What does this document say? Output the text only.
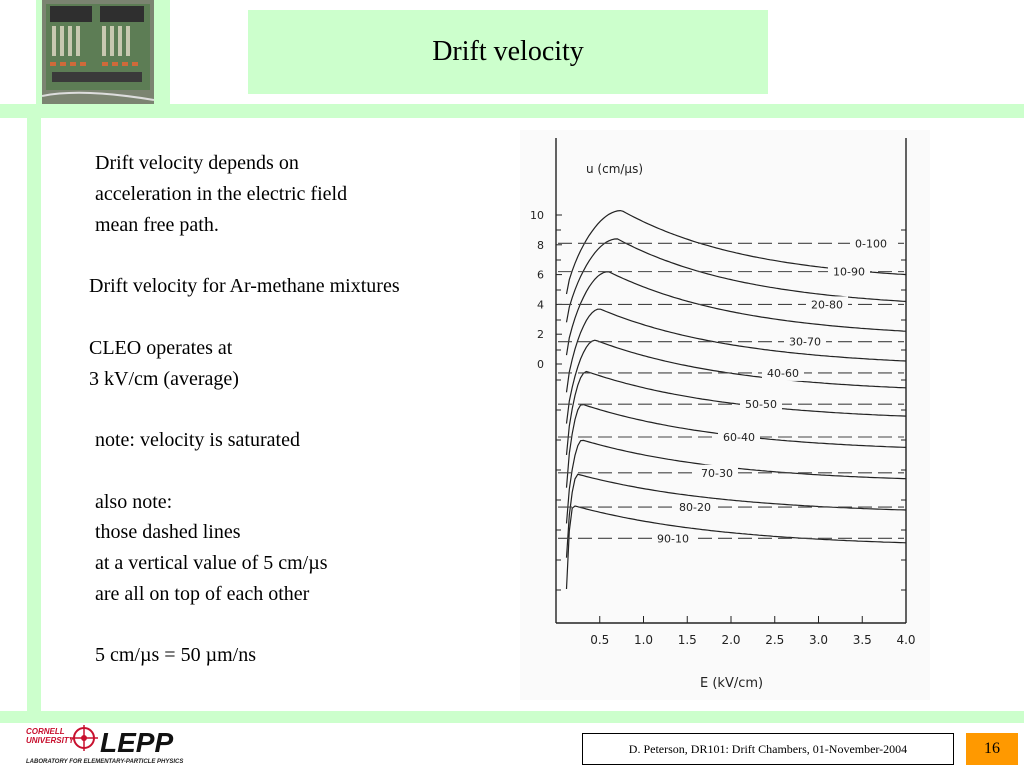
Drift velocity
Drift velocity depends on
acceleration in the electric field
mean free path.
Drift velocity for Ar-methane mixtures
CLEO operates at
3 kV/cm (average)
note: velocity is saturated
also note:
those dashed lines
at a vertical value of 5 cm/µs
are all on top of each other
5 cm/µs = 50 µm/ns
0.5 1.0 1.5 2.0 2.5 3.0 3.5 4.0
10
8
6
4
2
0
0-100
10-90
20-80
30-70
40-60
50-50
60-40
70-30
80-20
90-10
u (cm/µs)
E (kV/cm)
CORNELL
UNIVERSITY LEPP
LABORATORY FOR ELEMENTARY-PARTICLE PHYSICS
D. Peterson, DR101: Drift Chambers, 01-November-2004	16
